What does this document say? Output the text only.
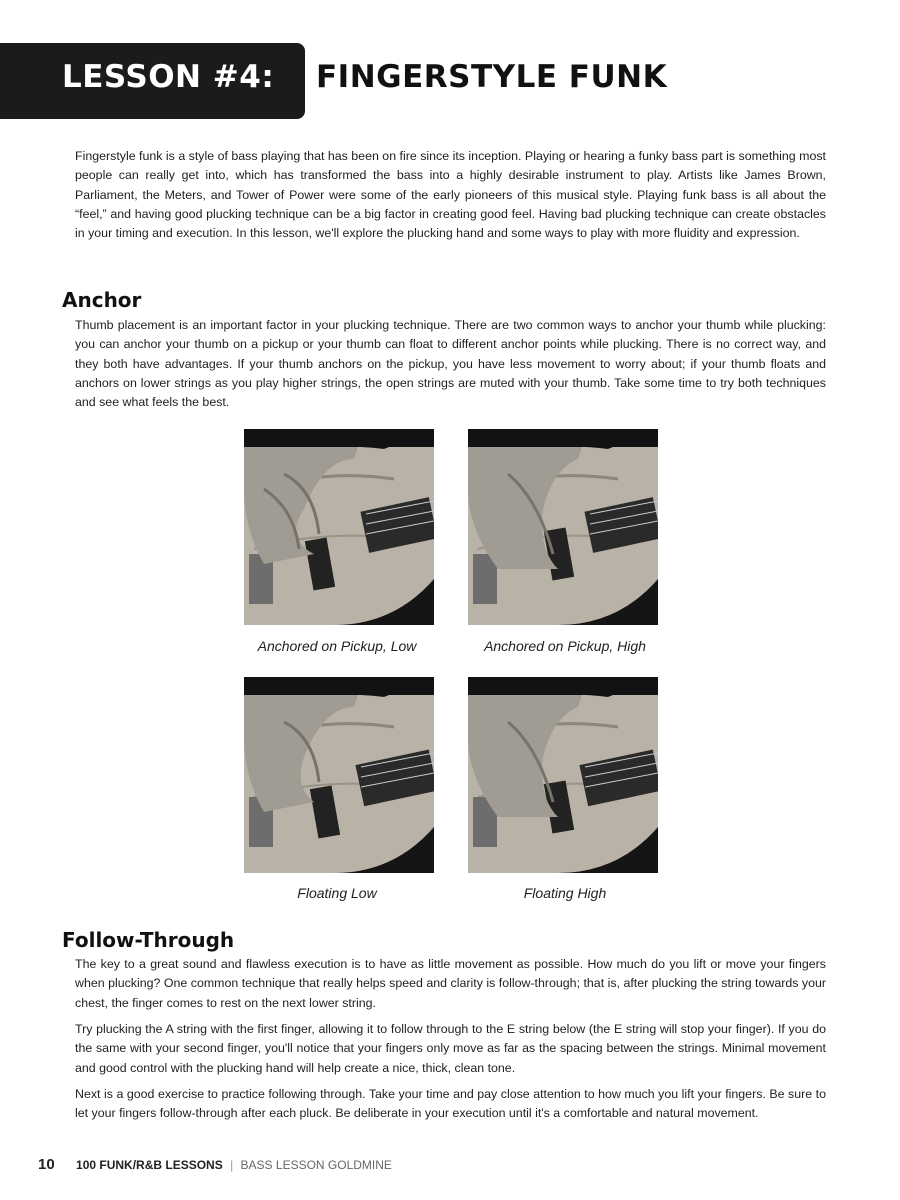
LESSON #4: FINGERSTYLE FUNK

Fingerstyle funk is a style of bass playing that has been on fire since its inception. Playing or hearing a funky bass part is something most people can really get into, which has transformed the bass into a highly desirable instrument to play. Artists like James Brown, Parliament, the Meters, and Tower of Power were some of the early pioneers of this musical style. Playing funk bass is all about the “feel,” and having good plucking technique can be a big factor in creating good feel. Having bad plucking technique can create obstacles in your timing and execution. In this lesson, we'll explore the plucking hand and some ways to play with more fluidity and expression.

Anchor

Thumb placement is an important factor in your plucking technique. There are two common ways to anchor your thumb while plucking: you can anchor your thumb on a pickup or your thumb can float to different anchor points while plucking. There is no correct way, and they both have advantages. If your thumb anchors on the pickup, you have less movement to worry about; if your thumb floats and anchors on lower strings as you play higher strings, the open strings are muted with your thumb. Take some time to try both techniques and see what feels the best.

Anchored on Pickup, Low	Anchored on Pickup, High

Floating Low	Floating High

Follow-Through

The key to a great sound and flawless execution is to have as little movement as possible. How much do you lift or move your fingers when plucking? One common technique that really helps speed and clarity is follow-through; that is, after plucking the string towards your chest, the finger comes to rest on the next lower string.

Try plucking the A string with the first finger, allowing it to follow through to the E string below (the E string will stop your finger). If you do the same with your second finger, you'll notice that your fingers only move as far as the spacing between the strings. Minimal movement and good control with the plucking hand will help create a nice, thick, clean tone.

Next is a good exercise to practice following through. Take your time and pay close attention to how much you lift your fingers. Be sure to let your fingers follow-through after each pluck. Be deliberate in your execution until it's a comfortable and natural movement.

10 100 FUNK/R&B LESSONS | BASS LESSON GOLDMINE
